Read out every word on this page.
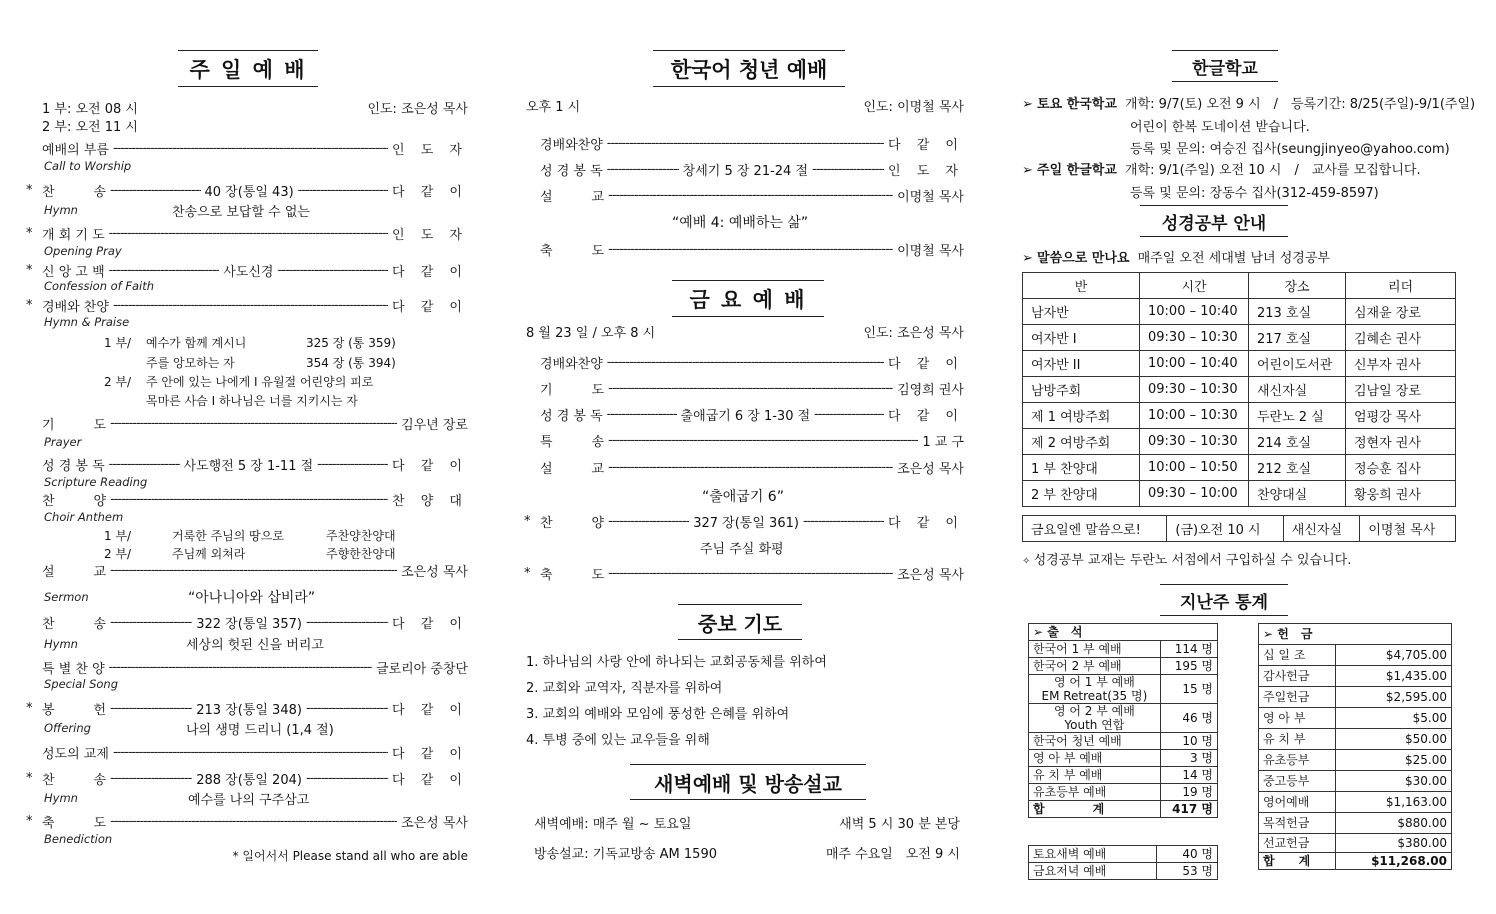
주 일 예 배
1 부: 오전 08 시
2 부: 오전 11 시
인도: 조은성 목사
예배의 부름 -----	인 도 자
Call to Worship
* 찬　　　송 -----	40 장(통일 43) -----	다 같 이
Hymn	찬송으로 보답할 수 없는
* 개 회 기 도 -----	인 도 자
Opening Pray
* 신 앙 고 백 -----	사도신경 -----	다 같 이
Confession of Faith
* 경배와 찬양 -----	다 같 이
Hymn & Praise
1 부/ 예수가 함께 계시니	325 장 (통 359)
주를 앙모하는 자	354 장 (통 394)
2 부/ 주 안에 있는 나에게 I 유월절 어린양의 피로
목마른 사슴 I 하나님은 너를 지키시는 자
기　　　도 -----	김우년 장로
Prayer
성 경 봉 독 -----	사도행전 5 장 1-11 절 -----	다 같 이
Scripture Reading
찬　　　양 -----	찬 양 대
Choir Anthem
1 부/	거룩한 주님의 땅으로	주찬양찬양대
2 부/	주님께 외쳐라	주향한찬양대
설　　　교 -----	조은성 목사
“아나니아와 삽비라”
Sermon
찬　　　송 -----	322 장(통일 357) -----	다 같 이
Hymn	세상의 헛된 신을 버리고
특 별 찬 양 -----	글로리아 중창단
Special Song
* 봉　　　헌 -----	213 장(통일 348) -----	다 같 이
Offering	나의 생명 드리니 (1,4 절)
성도의 교제 -----	다 같 이
* 찬　　　송 -----	288 장(통일 204) -----	다 같 이
Hymn	예수를 나의 구주삼고
* 축　　　도 -----	조은성 목사
Benediction
* 일어서서 Please stand all who are able
한국어 청년 예배
오후 1 시	인도: 이명철 목사
경배와찬양 -----	다 같 이
성 경 봉 독 -----	창세기 5 장 21-24 절 -----	인 도 자
설　　　교 -----	이명철 목사
축　　　도 -----	이명철 목사
“예배 4: 예배하는 삶”
금 요 예 배
8 월 23 일 / 오후 8 시	인도: 조은성 목사
경배와찬양 -----	다 같 이
기　　　도 -----	김영희 권사
성 경 봉 독 -----	출애굽기 6 장 1-30 절 -----	다 같 이
특　　　송 -----	1 교 구
설　　　교 -----	조은성 목사
* 찬　　　양 -----	327 장(통일 361) -----	다 같 이
* 축　　　도 -----	조은성 목사
“출애굽기 6”
주님 주실 화평
중보 기도
1. 하나님의 사랑 안에 하나되는 교회공동체를 위하여
2. 교회와 교역자, 직분자를 위하여
3. 교회의 예배와 모임에 풍성한 은혜를 위하여
4. 투병 중에 있는 교우들을 위해
새벽예배 및 방송설교
새벽예배: 매주 월 ~ 토요일	새벽 5 시 30 분 본당
방송설교: 기독교방송 AM 1590	매주 수요일　오전 9 시
한글학교
➢ 토요 한국학교 개학: 9/7(토) 오전 9 시　/　등록기간: 8/25(주일)-9/1(주일)
어린이 한복 도네이션 받습니다.
등록 및 문의: 여승진 집사(seungjinyeo@yahoo.com)
➢ 주일 한글학교 개학: 9/1(주일) 오전 10 시　/　교사를 모집합니다.
등록 및 문의: 장동수 집사(312-459-8597)
성경공부 안내
➢ 말씀으로 만나요 매주일 오전 세대별 남녀 성경공부
반	시간	장소	리더
남자반	10:00 – 10:40	213 호실	심재윤 장로
여자반 I	09:30 – 10:30	217 호실	김혜손 권사
여자반 II	10:00 – 10:40	어린이도서관	신부자 권사
남방주회	09:30 – 10:30	새신자실	김남일 장로
제 1 여방주회	10:00 – 10:30	두란노 2 실	엄평강 목사
제 2 여방주회	09:30 – 10:30	214 호실	정현자 권사
1 부 찬양대	10:00 – 10:50	212 호실	정승훈 집사
2 부 찬양대	09:30 – 10:00	찬양대실	황웅희 권사
금요일엔 말씀으로!	(금)오전 10 시	새신자실	이명철 목사
✧ 성경공부 교재는 두란노 서점에서 구입하실 수 있습니다.
지난주 통계
➢ 출　석	
한국어 1 부 예배	114 명
한국어 2 부 예배	195 명
영 어 1 부 예배
EM Retreat(35 명)	15 명
영 어 2 부 예배
Youth 연합	46 명
한국어 청년 예배	10 명
영 아 부 예배	3 명
유 치 부 예배	14 명
유초등부 예배	19 명
합　　　　계	417 명
토요새벽 예배	40 명
금요저녁 예배	53 명
➢ 헌　금	
십 일 조	$4,705.00
감사헌금	$1,435.00
주일헌금	$2,595.00
영 아 부	$5.00
유 치 부	$50.00
유초등부	$25.00
중고등부	$30.00
영어예배	$1,163.00
목적헌금	$880.00
선교헌금	$380.00
합　　계	$11,268.00
